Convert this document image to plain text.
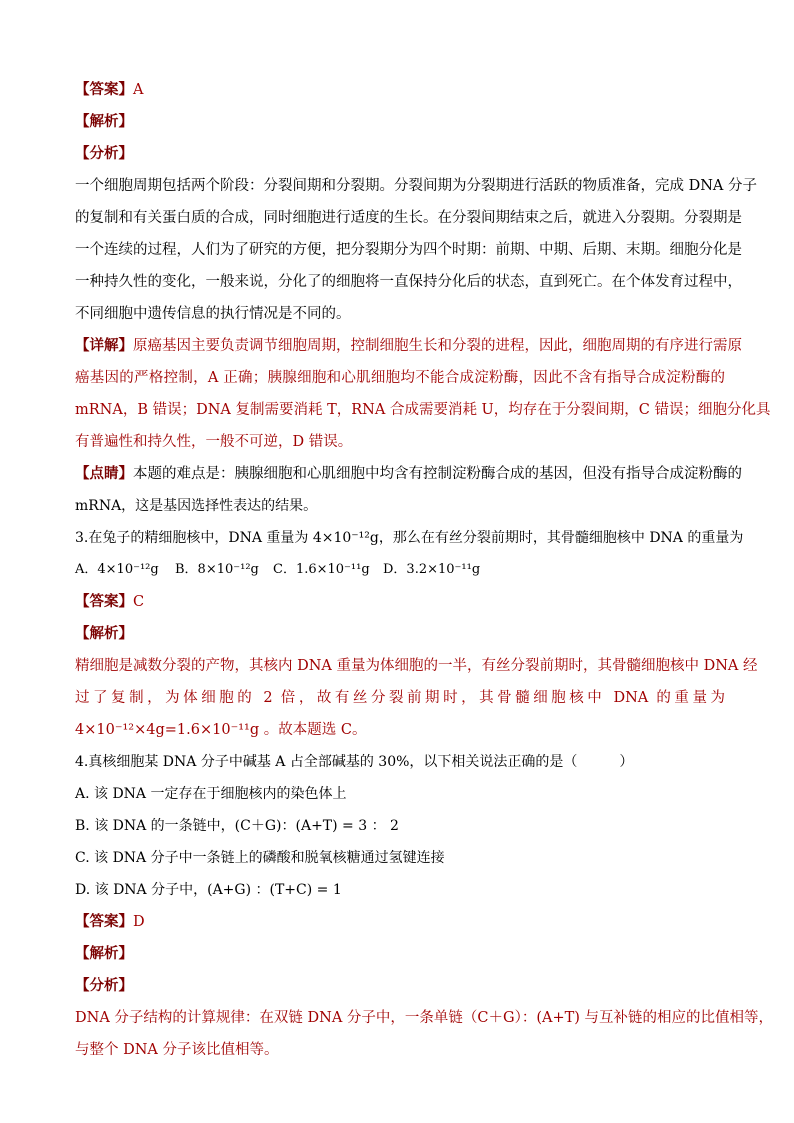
【答案】A
【解析】
【分析】
一个细胞周期包括两个阶段：分裂间期和分裂期。分裂间期为分裂期进行活跃的物质准备，完成 DNA 分子
的复制和有关蛋白质的合成，同时细胞进行适度的生长。在分裂间期结束之后，就进入分裂期。分裂期是
一个连续的过程，人们为了研究的方便，把分裂期分为四个时期：前期、中期、后期、末期。细胞分化是
一种持久性的变化，一般来说，分化了的细胞将一直保持分化后的状态，直到死亡。在个体发育过程中，
不同细胞中遗传信息的执行情况是不同的。
【详解】原癌基因主要负责调节细胞周期，控制细胞生长和分裂的进程，因此，细胞周期的有序进行需原
癌基因的严格控制，A 正确；胰腺细胞和心肌细胞均不能合成淀粉酶，因此不含有指导合成淀粉酶的
mRNA，B 错误；DNA 复制需要消耗 T，RNA 合成需要消耗 U，均存在于分裂间期，C 错误；细胞分化具
有普遍性和持久性，一般不可逆，D 错误。
【点睛】本题的难点是：胰腺细胞和心肌细胞中均含有控制淀粉酶合成的基因，但没有指导合成淀粉酶的
mRNA，这是基因选择性表达的结果。
3.在兔子的精细胞核中，DNA 重量为 4×10⁻¹²g，那么在有丝分裂前期时，其骨髓细胞核中 DNA 的重量为
A．4×10⁻¹²g B．8×10⁻¹²g C．1.6×10⁻¹¹g D．3.2×10⁻¹¹g
【答案】C
【解析】
精细胞是减数分裂的产物，其核内 DNA 重量为体细胞的一半，有丝分裂前期时，其骨髓细胞核中 DNA 经
过了复制，为体细胞的 2 倍，故有丝分裂前期时，其骨髓细胞核中 DNA 的重量为
4×10⁻¹²×4g=1.6×10⁻¹¹g 。故本题选 C。
4.真核细胞某 DNA 分子中碱基 A 占全部碱基的 30%，以下相关说法正确的是（　　　）
A. 该 DNA 一定存在于细胞核内的染色体上
B. 该 DNA 的一条链中，(C＋G)：(A+T) = 3 ： 2
C. 该 DNA 分子中一条链上的磷酸和脱氧核糖通过氢键连接
D. 该 DNA 分子中，(A+G) ：(T+C) = 1
【答案】D
【解析】
【分析】
DNA 分子结构的计算规律：在双链 DNA 分子中，一条单链（C＋G）：(A+T) 与互补链的相应的比值相等，
与整个 DNA 分子该比值相等。
